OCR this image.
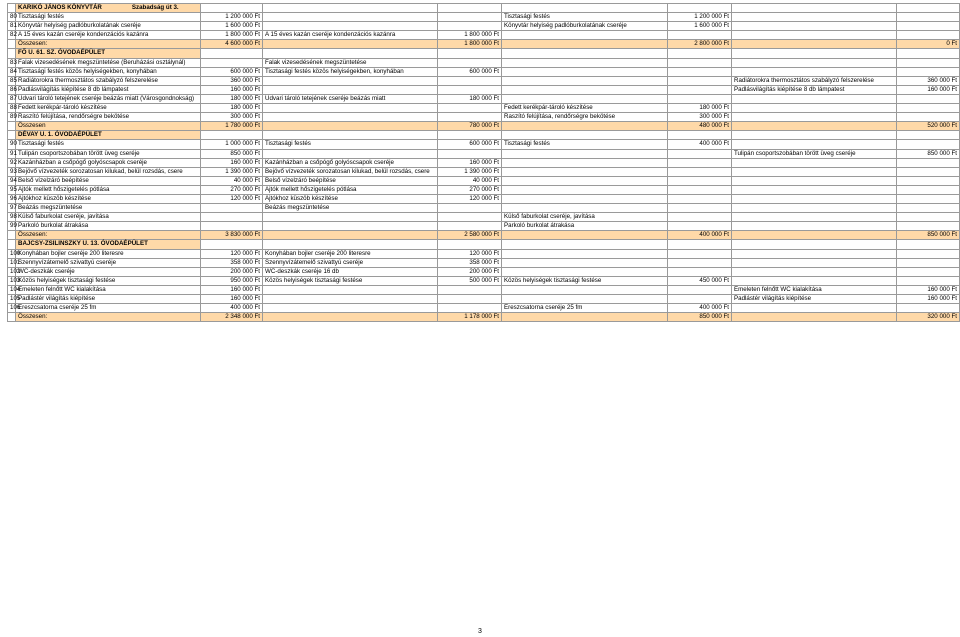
	KARIKÓ JÁNOS KÖNYVTÁR Szabadság út 3.							
80	Tisztasági festés	1 200 000 Ft			Tisztasági festés	1 200 000 Ft		
81	Könyvtár helyiség padlóburkolatának cseréje	1 600 000 Ft			Könyvtár helyiség padlóburkolatának cseréje	1 600 000 Ft		
82	A 15 éves kazán cseréje kondenzációs kazánra	1 800 000 Ft	A 15 éves kazán cseréje kondenzációs kazánra	1 800 000 Ft				
	Összesen:	4 600 000 Ft		1 800 000 Ft		2 800 000 Ft		0 Ft
	FŐ U. 61. SZ. ÓVODAÉPÜLET							
83	Falak vizesedésének megszüntetése (Beruházási osztálynál)		Falak vizesedésének megszüntetése					
84	Tisztasági festés közös helyiségekben, konyhában	600 000 Ft	Tisztasági festés közös helyiségekben, konyhában	600 000 Ft				
85	Radiátorokra thermosztátos szabályzó felszerelése	360 000 Ft					Radiátorokra thermosztátos szabályzó felszerelése	360 000 Ft
86	Padlásvilágítás kiépítése 8 db lámpatest	160 000 Ft					Padlásvilágítás kiépítése 8 db lámpatest	160 000 Ft
87	Udvari tároló tetejének cseréje beázás miatt (Városgondnokság)	180 000 Ft	Udvari tároló tetejének cseréje beázás miatt	180 000 Ft				
88	Fedett kerékpár-tároló készítése	180 000 Ft			Fedett kerékpár-tároló készítése	180 000 Ft		
89	Raszító felújítása, rendőrségre bekötése	300 000 Ft			Raszító felújítása, rendőrségre bekötése	300 000 Ft		
	Összesen	1 780 000 Ft		780 000 Ft		480 000 Ft		520 000 Ft
	DÉVAY U. 1. ÓVODAÉPÜLET							
90	Tisztasági festés	1 000 000 Ft	Tisztasági festés	600 000 Ft	Tisztasági festés	400 000 Ft		
91	Tulipán csoportszobában törött üveg cseréje	850 000 Ft					Tulipán csoportszobában törött üveg cseréje	850 000 Ft
92	Kazánházban a csőpógő golyóscsapok cseréje	160 000 Ft	Kazánházban a csőpógő golyóscsapok cseréje	160 000 Ft				
93	Bejövő vízvezeték sorozatosan kilukad, belül rozsdás, csere	1 390 000 Ft	Bejövő vízvezeték sorozatosan kilukad, belül rozsdás, csere	1 390 000 Ft				
94	Belső vízelzáró beépítése	40 000 Ft	Belső vízelzáró beépítése	40 000 Ft				
95	Ajtók mellett hőszigetelés pótlása	270 000 Ft	Ajtók mellett hőszigetelés pótlása	270 000 Ft				
96	Ajtókhoz küszöb készítése	120 000 Ft	Ajtókhoz küszöb készítése	120 000 Ft				
97	Beázás megszüntetése		Beázás megszüntetése					
98	Külső faburkolat cseréje, javítása				Külső faburkolat cseréje, javítása			
99	Parkoló burkolat átrakása				Parkoló burkolat átrakása			
	Összesen:	3 830 000 Ft		2 580 000 Ft		400 000 Ft		850 000 Ft
	BAJCSY-ZSILINSZKY U. 13. ÓVODAÉPÜLET							
100	Konyhában bojler cseréje 200 literesre	120 000 Ft	Konyhában bojler cseréje 200 literesre	120 000 Ft				
101	Szennyvízátemelő szivattyú cseréje	358 000 Ft	Szennyvízátemelő szivattyú cseréje	358 000 Ft				
102	WC-deszkák cseréje	200 000 Ft	WC-deszkák cseréje 16 db	200 000 Ft				
103	Közös helyiségek tisztasági festése	950 000 Ft	Közös helyiségek tisztasági festése	500 000 Ft	Közös helyiségek tisztasági festése	450 000 Ft		
104	Emeleten felnőtt WC kialakítása	160 000 Ft					Emeleten felnőtt WC kialakítása	160 000 Ft
105	Padlástér világítás kiépítése	160 000 Ft					Padlástér világítás kiépítése	160 000 Ft
106	Ereszcsatorna cseréje 25 fm	400 000 Ft			Ereszcsatorna cseréje 25 fm	400 000 Ft		
	Összesen:	2 348 000 Ft		1 178 000 Ft		850 000 Ft		320 000 Ft
3
